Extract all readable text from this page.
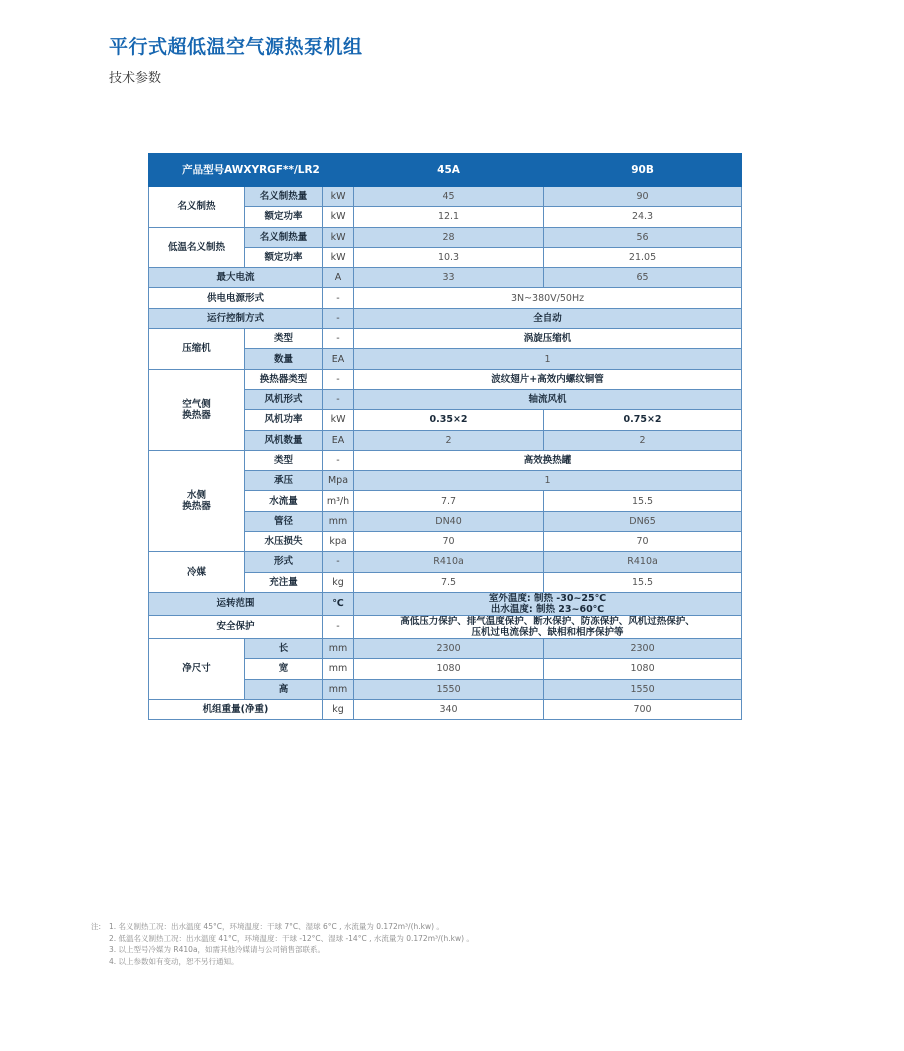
平行式超低温空气源热泵机组
技术参数
产品型号AWXYRGF**/LR2			45A	90B
名义制热	名义制热量	kW	45	90
	额定功率	kW	12.1	24.3
低温名义制热	名义制热量	kW	28	56
	额定功率	kW	10.3	21.05
最大电流		A	33	65
供电电源形式		-	3N~380V/50Hz	
运行控制方式		-	全自动	
压缩机	类型	-	涡旋压缩机	
	数量	EA	1	
空气侧
换热器	换热器类型	-	波纹翅片+高效内螺纹铜管	
	风机形式	-	轴流风机	
	风机功率	kW	0.35×2	0.75×2
	风机数量	EA	2	2
水侧
换热器	类型	-	高效换热罐	
	承压	Mpa	1	
	水流量	m³/h	7.7	15.5
	管径	mm	DN40	DN65
	水压损失	kpa	70	70
冷媒	形式	-	R410a	R410a
	充注量	kg	7.5	15.5
运转范围		℃	室外温度: 制热 -30~25℃
出水温度: 制热 23~60℃	

安全保护		-	高低压力保护、排气温度保护、断水保护、防冻保护、风机过热保护、
压机过电流保护、缺相和相序保护等	

净尺寸	长	mm	2300	2300
	宽	mm	1080	1080
	高	mm	1550	1550
机组重量(净重)		kg	340	700
注: 1. 名义制热工况：出水温度 45°C，环境温度：干球 7°C、湿球 6°C , 水流量为 0.172m³/(h.kw) 。
2. 低温名义制热工况：出水温度 41°C，环境温度：干球 -12°C、湿球 -14°C , 水流量为 0.172m³/(h.kw) 。
3. 以上型号冷媒为 R410a，如需其他冷媒请与公司销售部联系。
4. 以上参数如有变动，恕不另行通知。
